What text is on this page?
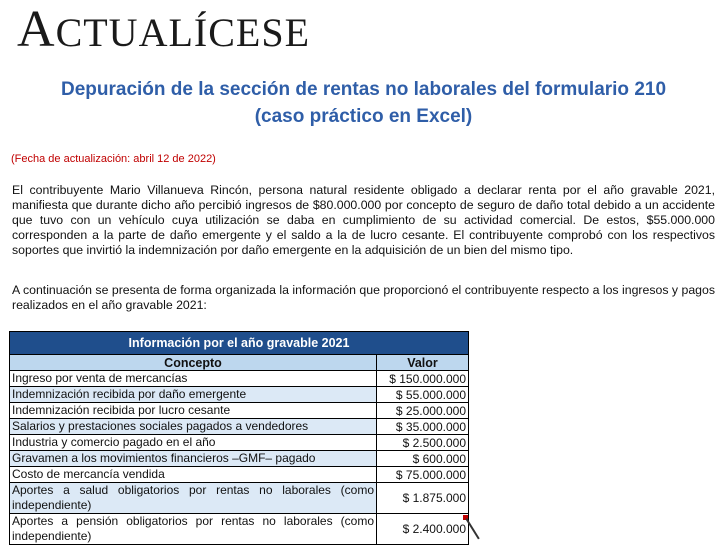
ACTUALÍCESE
Depuración de la sección de rentas no laborales del formulario 210
(caso práctico en Excel)
(Fecha de actualización: abril 12 de 2022)
El contribuyente Mario Villanueva Rincón, persona natural residente obligado a declarar renta por el año gravable 2021, manifiesta que durante dicho año percibió ingresos de $80.000.000 por concepto de seguro de daño total debido a un accidente que tuvo con un vehículo cuya utilización se daba en cumplimiento de su actividad comercial. De estos, $55.000.000 corresponden a la parte de daño emergente y el saldo a la de lucro cesante. El contribuyente comprobó con los respectivos soportes que invirtió la indemnización por daño emergente en la adquisición de un bien del mismo tipo.
A continuación se presenta de forma organizada la información que proporcionó el contribuyente respecto a los ingresos y pagos realizados en el año gravable 2021:
Información por el año gravable 2021	
Concepto	Valor
Ingreso por venta de mercancías	$ 150.000.000
Indemnización recibida por daño emergente	$ 55.000.000
Indemnización recibida por lucro cesante	$ 25.000.000
Salarios y prestaciones sociales pagados a vendedores	$ 35.000.000
Industria y comercio pagado en el año	$ 2.500.000
Gravamen a los movimientos financieros –GMF– pagado	$ 600.000
Costo de mercancía vendida	$ 75.000.000
Aportes a salud obligatorios por rentas no laborales (como independiente)	$ 1.875.000
Aportes a pensión obligatorios por rentas no laborales (como independiente)	$ 2.400.000
